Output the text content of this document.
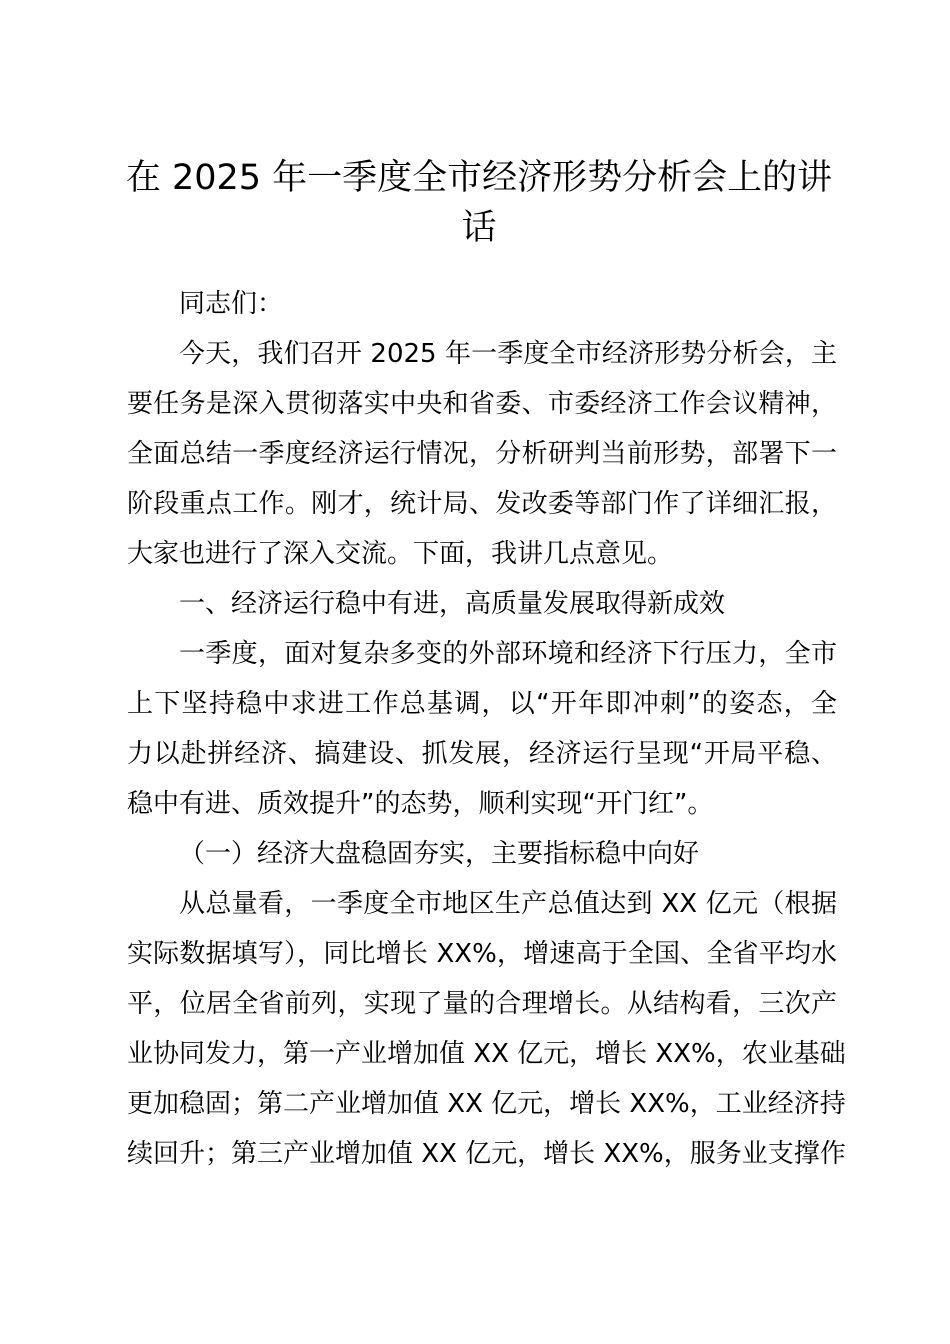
在 2025 年一季度全市经济形势分析会上的讲
话

同志们：

今天，我们召开 2025 年一季度全市经济形势分析会，主

要任务是深入贯彻落实中央和省委、市委经济工作会议精神，

全面总结一季度经济运行情况，分析研判当前形势，部署下一

阶段重点工作。刚才，统计局、发改委等部门作了详细汇报，

大家也进行了深入交流。下面，我讲几点意见。

一、经济运行稳中有进，高质量发展取得新成效

一季度，面对复杂多变的外部环境和经济下行压力，全市

上下坚持稳中求进工作总基调，以“开年即冲刺”的姿态，全

力以赴拼经济、搞建设、抓发展，经济运行呈现“开局平稳、

稳中有进、质效提升”的态势，顺利实现“开门红”。

（一）经济大盘稳固夯实，主要指标稳中向好

从总量看，一季度全市地区生产总值达到 XX 亿元（根据

实际数据填写），同比增长 XX%，增速高于全国、全省平均水

平，位居全省前列，实现了量的合理增长。从结构看，三次产

业协同发力，第一产业增加值 XX 亿元，增长 XX%，农业基础

更加稳固；第二产业增加值 XX 亿元，增长 XX%，工业经济持

续回升；第三产业增加值 XX 亿元，增长 XX%，服务业支撑作
